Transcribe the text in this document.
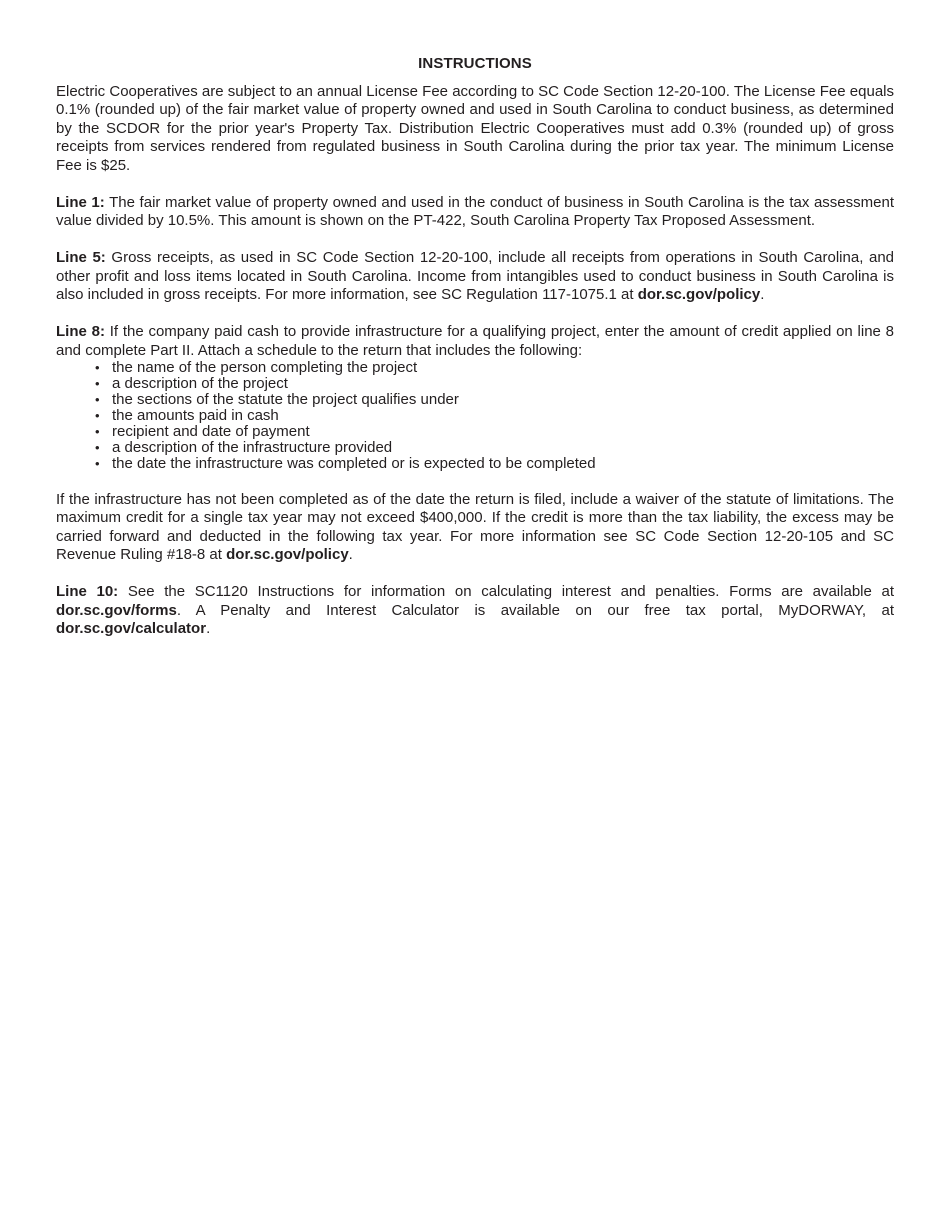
INSTRUCTIONS

Electric Cooperatives are subject to an annual License Fee according to SC Code Section 12-20-100. The License Fee equals 0.1% (rounded up) of the fair market value of property owned and used in South Carolina to conduct business, as determined by the SCDOR for the prior year's Property Tax. Distribution Electric Cooperatives must add 0.3% (rounded up) of gross receipts from services rendered from regulated business in South Carolina during the prior tax year. The minimum License Fee is $25.

Line 1: The fair market value of property owned and used in the conduct of business in South Carolina is the tax assessment value divided by 10.5%. This amount is shown on the PT-422, South Carolina Property Tax Proposed Assessment.

Line 5: Gross receipts, as used in SC Code Section 12-20-100, include all receipts from operations in South Carolina, and other profit and loss items located in South Carolina. Income from intangibles used to conduct business in South Carolina is also included in gross receipts. For more information, see SC Regulation 117-1075.1 at dor.sc.gov/policy.

Line 8: If the company paid cash to provide infrastructure for a qualifying project, enter the amount of credit applied on line 8 and complete Part II. Attach a schedule to the return that includes the following:

• the name of the person completing the project
• a description of the project
• the sections of the statute the project qualifies under
• the amounts paid in cash
• recipient and date of payment
• a description of the infrastructure provided
• the date the infrastructure was completed or is expected to be completed

If the infrastructure has not been completed as of the date the return is filed, include a waiver of the statute of limitations. The maximum credit for a single tax year may not exceed $400,000. If the credit is more than the tax liability, the excess may be carried forward and deducted in the following tax year. For more information see SC Code Section 12-20-105 and SC Revenue Ruling #18-8 at dor.sc.gov/policy.

Line 10: See the SC1120 Instructions for information on calculating interest and penalties. Forms are available at dor.sc.gov/forms. A Penalty and Interest Calculator is available on our free tax portal, MyDORWAY, at dor.sc.gov/calculator.
